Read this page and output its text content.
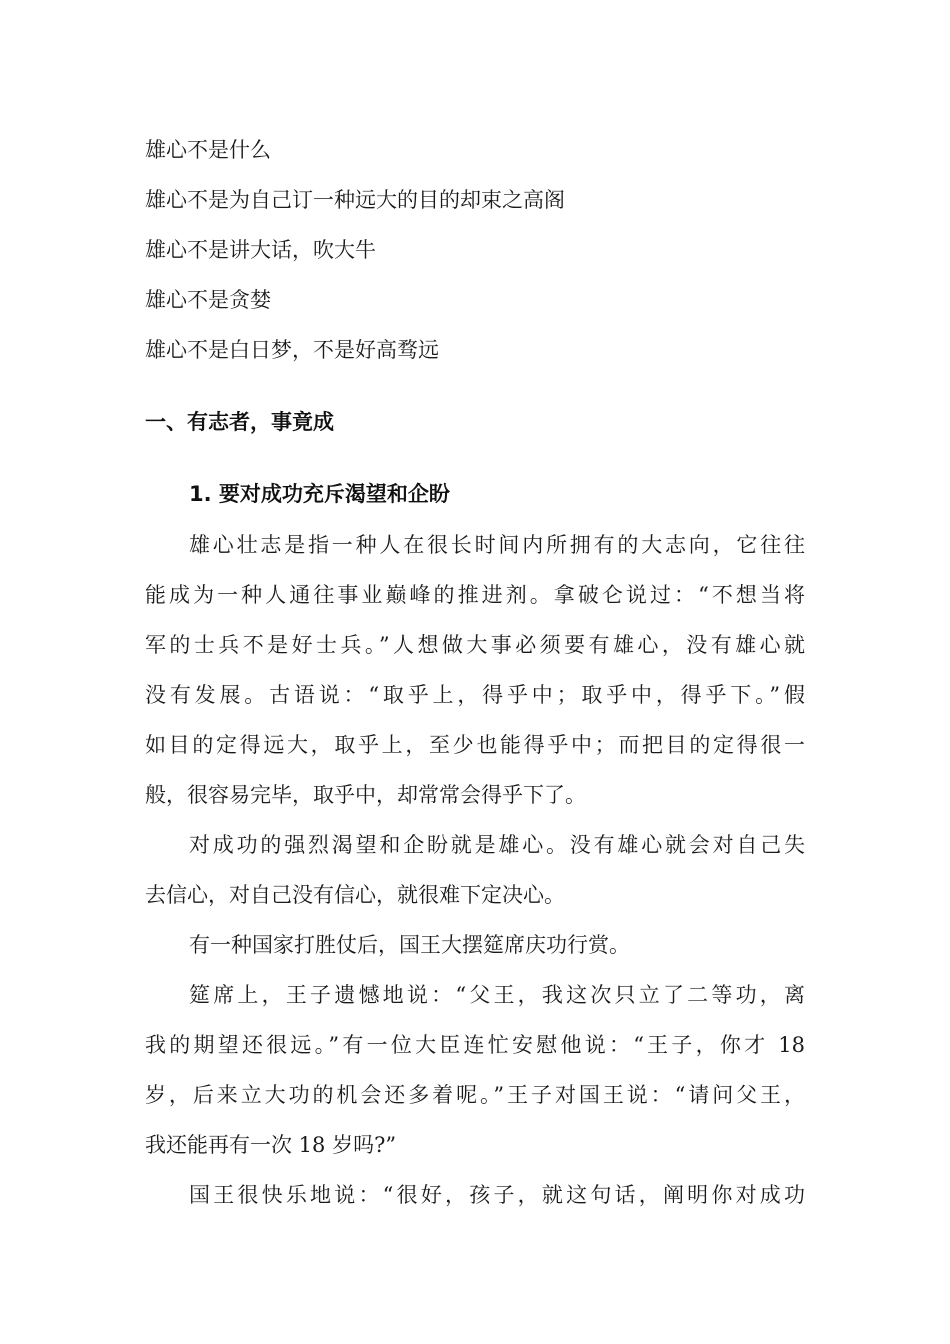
雄心不是什么
雄心不是为自己订一种远大的目的却束之高阁
雄心不是讲大话，吹大牛
雄心不是贪婪
雄心不是白日梦，不是好高骛远
一、有志者，事竟成
1. 要对成功充斥渴望和企盼
雄心壮志是指一种人在很长时间内所拥有的大志向，它往往
能成为一种人通往事业巅峰的推进剂。拿破仑说过：“不想当将
军的士兵不是好士兵。”人想做大事必须要有雄心，没有雄心就
没有发展。古语说：“取乎上，得乎中；取乎中，得乎下。”假
如目的定得远大，取乎上，至少也能得乎中；而把目的定得很一
般，很容易完毕，取乎中，却常常会得乎下了。
对成功的强烈渴望和企盼就是雄心。没有雄心就会对自己失
去信心，对自己没有信心，就很难下定决心。
有一种国家打胜仗后，国王大摆筵席庆功行赏。
筵席上，王子遗憾地说：“父王，我这次只立了二等功，离
我的期望还很远。”有一位大臣连忙安慰他说：“王子，你才 18
岁，后来立大功的机会还多着呢。”王子对国王说：“请问父王，
我还能再有一次 18 岁吗?”
国王很快乐地说：“很好，孩子，就这句话，阐明你对成功
